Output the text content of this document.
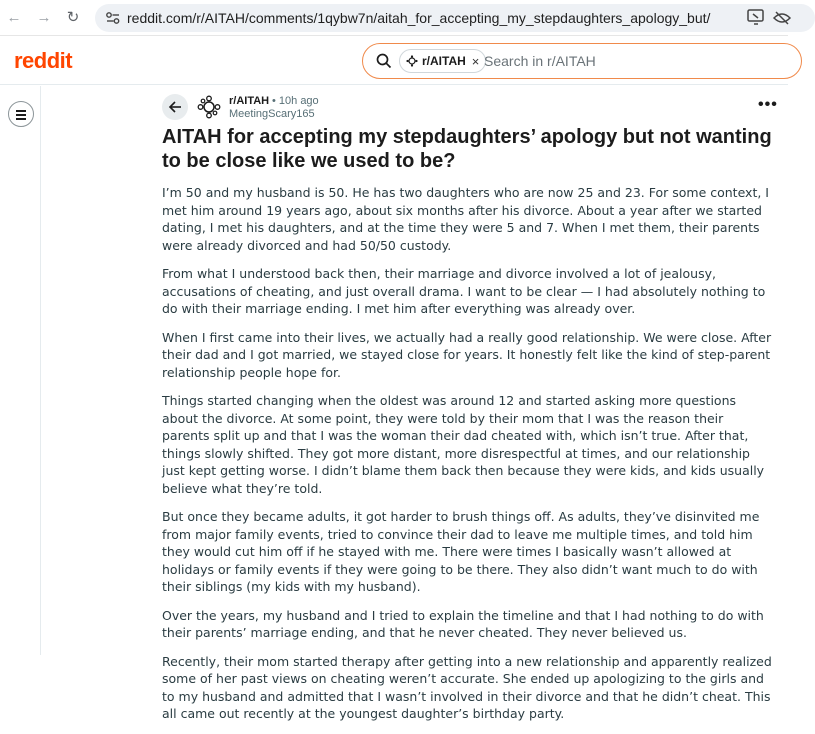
← → ↻	reddit.com/r/AITAH/comments/1qybw7n/aitah_for_accepting_my_stepdaughters_apology_but/
reddit	r/AITAH × Search in r/AITAH
r/AITAH • 10h ago
MeetingScary165
•••
AITAH for accepting my stepdaughters’ apology but not wanting to be close like we used to be?

I’m 50 and my husband is 50. He has two daughters who are now 25 and 23. For some context, I met him around 19 years ago, about six months after his divorce. About a year after we started dating, I met his daughters, and at the time they were 5 and 7. When I met them, their parents were already divorced and had 50/50 custody.

From what I understood back then, their marriage and divorce involved a lot of jealousy, accusations of cheating, and just overall drama. I want to be clear — I had absolutely nothing to do with their marriage ending. I met him after everything was already over.

When I first came into their lives, we actually had a really good relationship. We were close. After their dad and I got married, we stayed close for years. It honestly felt like the kind of step-parent relationship people hope for.

Things started changing when the oldest was around 12 and started asking more questions about the divorce. At some point, they were told by their mom that I was the reason their parents split up and that I was the woman their dad cheated with, which isn’t true. After that, things slowly shifted. They got more distant, more disrespectful at times, and our relationship just kept getting worse. I didn’t blame them back then because they were kids, and kids usually believe what they’re told.

But once they became adults, it got harder to brush things off. As adults, they’ve disinvited me from major family events, tried to convince their dad to leave me multiple times, and told him they would cut him off if he stayed with me. There were times I basically wasn’t allowed at holidays or family events if they were going to be there. They also didn’t want much to do with their siblings (my kids with my husband).

Over the years, my husband and I tried to explain the timeline and that I had nothing to do with their parents’ marriage ending, and that he never cheated. They never believed us.

Recently, their mom started therapy after getting into a new relationship and apparently realized some of her past views on cheating weren’t accurate. She ended up apologizing to the girls and to my husband and admitted that I wasn’t involved in their divorce and that he didn’t cheat. This all came out recently at the youngest daughter’s birthday party.
